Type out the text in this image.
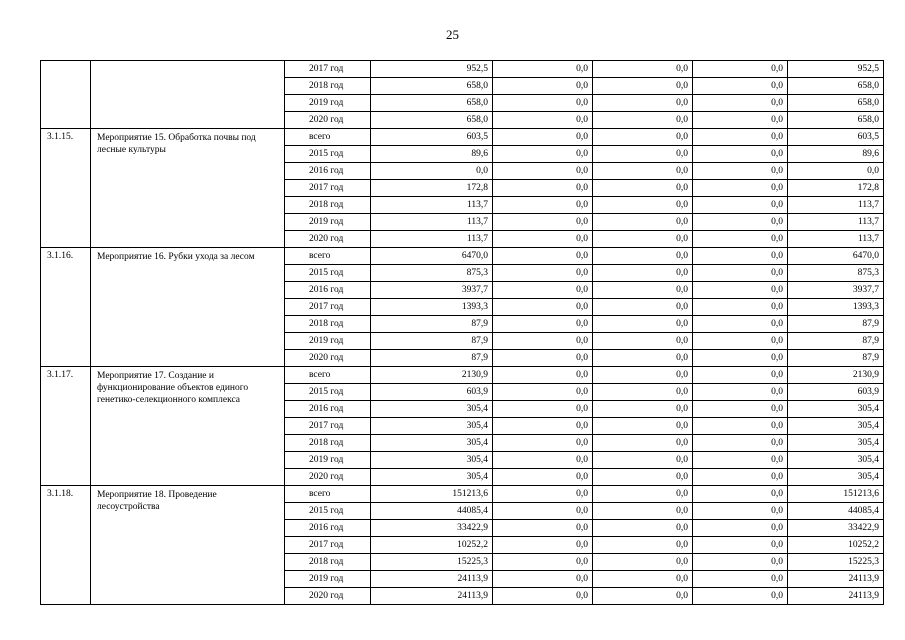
25
		2017 год	952,5	0,0	0,0	0,0	952,5
		2018 год	658,0	0,0	0,0	0,0	658,0
		2019 год	658,0	0,0	0,0	0,0	658,0
		2020 год	658,0	0,0	0,0	0,0	658,0
3.1.15.	Мероприятие 15. Обработка почвы под лесные культуры	всего	603,5	0,0	0,0	0,0	603,5
		2015 год	89,6	0,0	0,0	0,0	89,6
		2016 год	0,0	0,0	0,0	0,0	0,0
		2017 год	172,8	0,0	0,0	0,0	172,8
		2018 год	113,7	0,0	0,0	0,0	113,7
		2019 год	113,7	0,0	0,0	0,0	113,7
		2020 год	113,7	0,0	0,0	0,0	113,7
3.1.16.	Мероприятие 16. Рубки ухода за лесом	всего	6470,0	0,0	0,0	0,0	6470,0
		2015 год	875,3	0,0	0,0	0,0	875,3
		2016 год	3937,7	0,0	0,0	0,0	3937,7
		2017 год	1393,3	0,0	0,0	0,0	1393,3
		2018 год	87,9	0,0	0,0	0,0	87,9
		2019 год	87,9	0,0	0,0	0,0	87,9
		2020 год	87,9	0,0	0,0	0,0	87,9
3.1.17.	Мероприятие 17. Создание и функционирование объектов единого генетико-селекционного комплекса	всего	2130,9	0,0	0,0	0,0	2130,9
		2015 год	603,9	0,0	0,0	0,0	603,9
		2016 год	305,4	0,0	0,0	0,0	305,4
		2017 год	305,4	0,0	0,0	0,0	305,4
		2018 год	305,4	0,0	0,0	0,0	305,4
		2019 год	305,4	0,0	0,0	0,0	305,4
		2020 год	305,4	0,0	0,0	0,0	305,4
3.1.18.	Мероприятие 18. Проведение лесоустройства	всего	151213,6	0,0	0,0	0,0	151213,6
		2015 год	44085,4	0,0	0,0	0,0	44085,4
		2016 год	33422,9	0,0	0,0	0,0	33422,9
		2017 год	10252,2	0,0	0,0	0,0	10252,2
		2018 год	15225,3	0,0	0,0	0,0	15225,3
		2019 год	24113,9	0,0	0,0	0,0	24113,9
		2020 год	24113,9	0,0	0,0	0,0	24113,9
